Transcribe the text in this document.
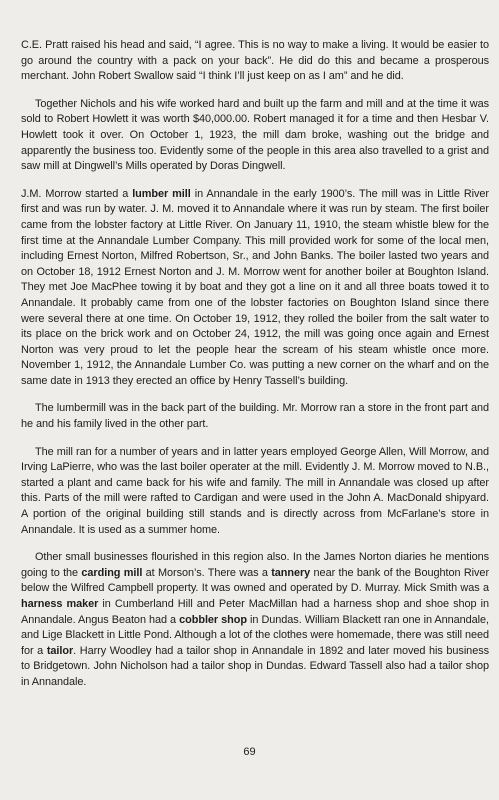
C.E. Pratt raised his head and said, “I agree. This is no way to make a living. It would be easier to go around the country with a pack on your back”. He did do this and became a prosperous merchant. John Robert Swallow said “I think I’ll just keep on as I am” and he did.

Together Nichols and his wife worked hard and built up the farm and mill and at the time it was sold to Robert Howlett it was worth $40,000.00. Robert managed it for a time and then Hesbar V. Howlett took it over. On October 1, 1923, the mill dam broke, washing out the bridge and apparently the business too. Evidently some of the people in this area also travelled to a grist and saw mill at Dingwell’s Mills operated by Doras Dingwell.

J.M. Morrow started a lumber mill in Annandale in the early 1900’s. The mill was in Little River first and was run by water. J. M. moved it to Annandale where it was run by steam. The first boiler came from the lobster factory at Little River. On January 11, 1910, the steam whistle blew for the first time at the Annandale Lumber Company. This mill provided work for some of the local men, including Ernest Norton, Milfred Robertson, Sr., and John Banks. The boiler lasted two years and on October 18, 1912 Ernest Norton and J. M. Morrow went for another boiler at Boughton Island. They met Joe MacPhee towing it by boat and they got a line on it and all three boats towed it to Annandale. It probably came from one of the lobster factories on Boughton Island since there were several there at one time. On October 19, 1912, they rolled the boiler from the salt water to its place on the brick work and on October 24, 1912, the mill was going once again and Ernest Norton was very proud to let the people hear the scream of his steam whistle once more. November 1, 1912, the Annandale Lumber Co. was putting a new corner on the wharf and on the same date in 1913 they erected an office by Henry Tassell’s building.

The lumbermill was in the back part of the building. Mr. Morrow ran a store in the front part and he and his family lived in the other part.

The mill ran for a number of years and in latter years employed George Allen, Will Morrow, and Irving LaPierre, who was the last boiler operater at the mill. Evidently J. M. Morrow moved to N.B., started a plant and came back for his wife and family. The mill in Annandale was closed up after this. Parts of the mill were rafted to Cardigan and were used in the John A. MacDonald shipyard. A portion of the original building still stands and is directly across from McFarlane’s store in Annandale. It is used as a summer home.

Other small businesses flourished in this region also. In the James Norton diaries he mentions going to the carding mill at Morson’s. There was a tannery near the bank of the Boughton River below the Wilfred Campbell property. It was owned and operated by D. Murray. Mick Smith was a harness maker in Cumberland Hill and Peter MacMillan had a harness shop and shoe shop in Annandale. Angus Beaton had a cobbler shop in Dundas. William Blackett ran one in Annandale, and Lige Blackett in Little Pond. Although a lot of the clothes were homemade, there was still need for a tailor. Harry Woodley had a tailor shop in Annandale in 1892 and later moved his business to Bridgetown. John Nicholson had a tailor shop in Dundas. Edward Tassell also had a tailor shop in Annandale.

69
